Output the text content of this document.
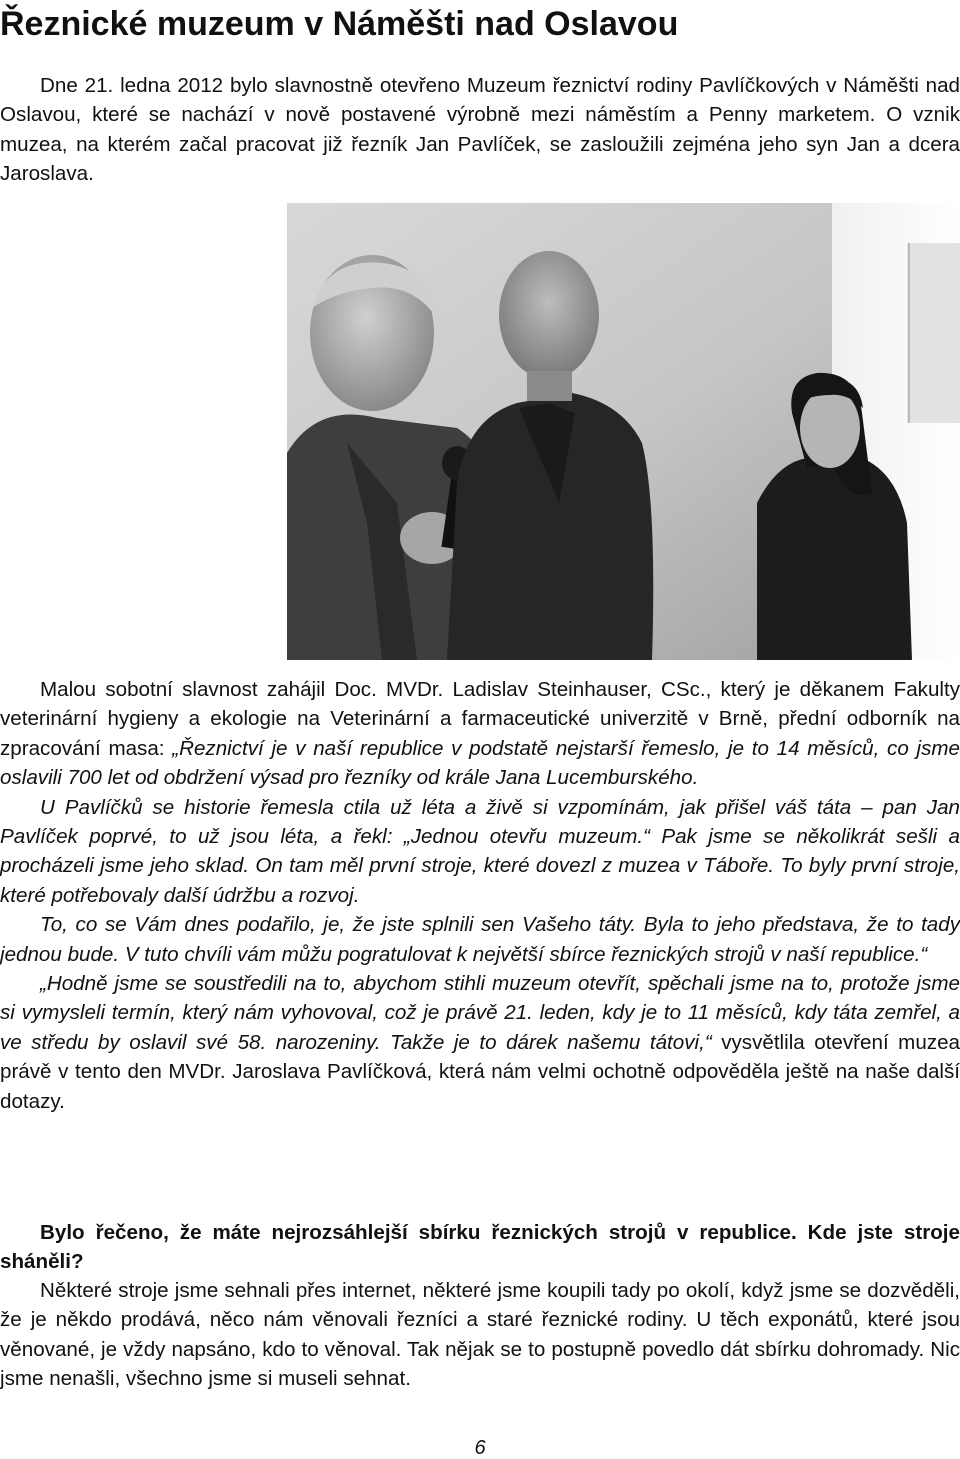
Řeznické muzeum v Náměšti nad Oslavou

Dne 21. ledna 2012 bylo slavnostně otevřeno Muzeum řeznictví rodiny Pavlíčkových v Náměšti nad Oslavou, které se nachází v nově postavené výrobně mezi náměstím a Penny marketem. O vznik muzea, na kterém začal pracovat již řezník Jan Pavlíček, se zasloužili zejména jeho syn Jan a dcera Jaroslava.

Malou sobotní slavnost zahájil Doc. MVDr. Ladislav Steinhauser, CSc., který je děkanem Fakulty veterinární hygieny a ekologie na Veterinární a farmaceutické univerzitě v Brně, přední odborník na zpracování masa: „Řeznictví je v naší republice v podstatě nejstarší řemeslo, je to 14 měsíců, co jsme oslavili 700 let od obdržení výsad pro řezníky od krále Jana Lucemburského.

U Pavlíčků se historie řemesla ctila už léta a živě si vzpomínám, jak přišel váš táta – pan Jan Pavlíček poprvé, to už jsou léta, a řekl: „Jednou otevřu muzeum.“ Pak jsme se několikrát sešli a procházeli jsme jeho sklad. On tam měl první stroje, které dovezl z muzea v Táboře. To byly první stroje, které potřebovaly další údržbu a rozvoj.

To, co se Vám dnes podařilo, je, že jste splnili sen Vašeho táty. Byla to jeho představa, že to tady jednou bude. V tuto chvíli vám můžu pogratulovat k největší sbírce řeznických strojů v naší republice.“

„Hodně jsme se soustředili na to, abychom stihli muzeum otevřít, spěchali jsme na to, protože jsme si vymysleli termín, který nám vyhovoval, což je právě 21. leden, kdy je to 11 měsíců, kdy táta zemřel, a ve středu by oslavil své 58. narozeniny. Takže je to dárek našemu tátovi,“ vysvětlila otevření muzea právě v tento den MVDr. Jaroslava Pavlíčková, která nám velmi ochotně odpověděla ještě na naše další dotazy.

Bylo řečeno, že máte nejrozsáhlejší sbírku řeznických strojů v republice. Kde jste stroje sháněli?

Některé stroje jsme sehnali přes internet, některé jsme koupili tady po okolí, když jsme se dozvěděli, že je někdo prodává, něco nám věnovali řezníci a staré řeznické rodiny. U těch exponátů, které jsou věnované, je vždy napsáno, kdo to věnoval. Tak nějak se to postupně povedlo dát sbírku dohromady. Nic jsme nenašli, všechno jsme si museli sehnat.

6
